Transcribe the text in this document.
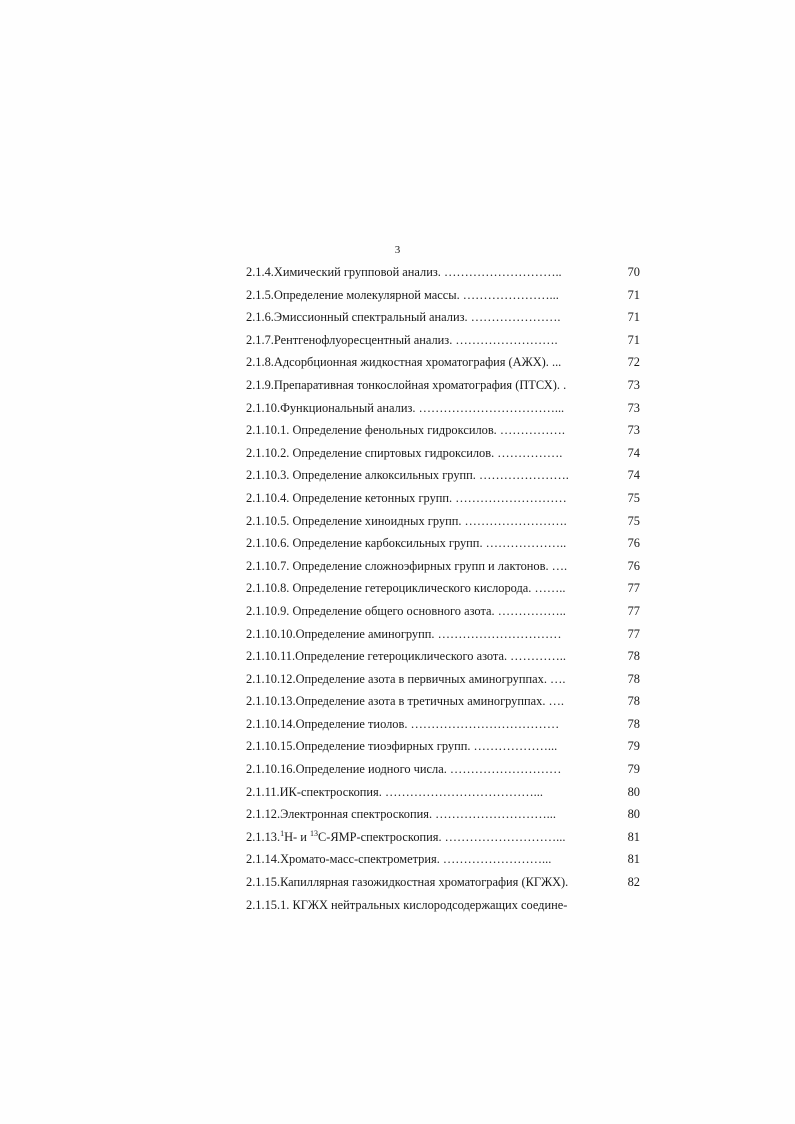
3
2.1.4.Химический групповой анализ. ………………………..	70
2.1.5.Определение молекулярной массы. …………………...	71
2.1.6.Эмиссионный спектральный анализ. ………………….	71
2.1.7.Рентгенофлуоресцентный анализ. …………………….	71
2.1.8.Адсорбционная жидкостная хроматография (АЖХ). ...	72
2.1.9.Препаративная тонкослойная хроматография (ПТСХ). .	73
2.1.10.Функциональный анализ. ……………………………...	73
2.1.10.1. Определение фенольных гидроксилов. …………….	73
2.1.10.2. Определение спиртовых гидроксилов. …………….	74
2.1.10.3. Определение алкоксильных групп. ………………….	74
2.1.10.4. Определение кетонных групп. ………………………	75
2.1.10.5. Определение хиноидных групп. …………………….	75
2.1.10.6. Определение карбоксильных групп. ………………..	76
2.1.10.7. Определение сложноэфирных групп и лактонов. ….	76
2.1.10.8. Определение гетероциклического кислорода. ……..	77
2.1.10.9. Определение общего основного азота. ……………..	77
2.1.10.10.Определение аминогрупп. …………………………	77
2.1.10.11.Определение гетероциклического азота. …………..	78
2.1.10.12.Определение азота в первичных аминогруппах. ….	78
2.1.10.13.Определение азота в третичных аминогруппах. ….	78
2.1.10.14.Определение тиолов. ………………………………	78
2.1.10.15.Определение тиоэфирных групп. ………………...	79
2.1.10.16.Определение иодного числа. ………………………	79
2.1.11.ИК-спектроскопия. ………………………………...	80
2.1.12.Электронная спектроскопия. ………………………...	80
2.1.13.$^1$Н- и $^{13}$С-ЯМР-спектроскопия. ………………………...	81
2.1.14.Хромато-масс-спектрометрия. ……………………...	81
2.1.15.Капиллярная газожидкостная хроматография (КГЖХ).	82
2.1.15.1. КГЖХ нейтральных кислородсодержащих соедине-
